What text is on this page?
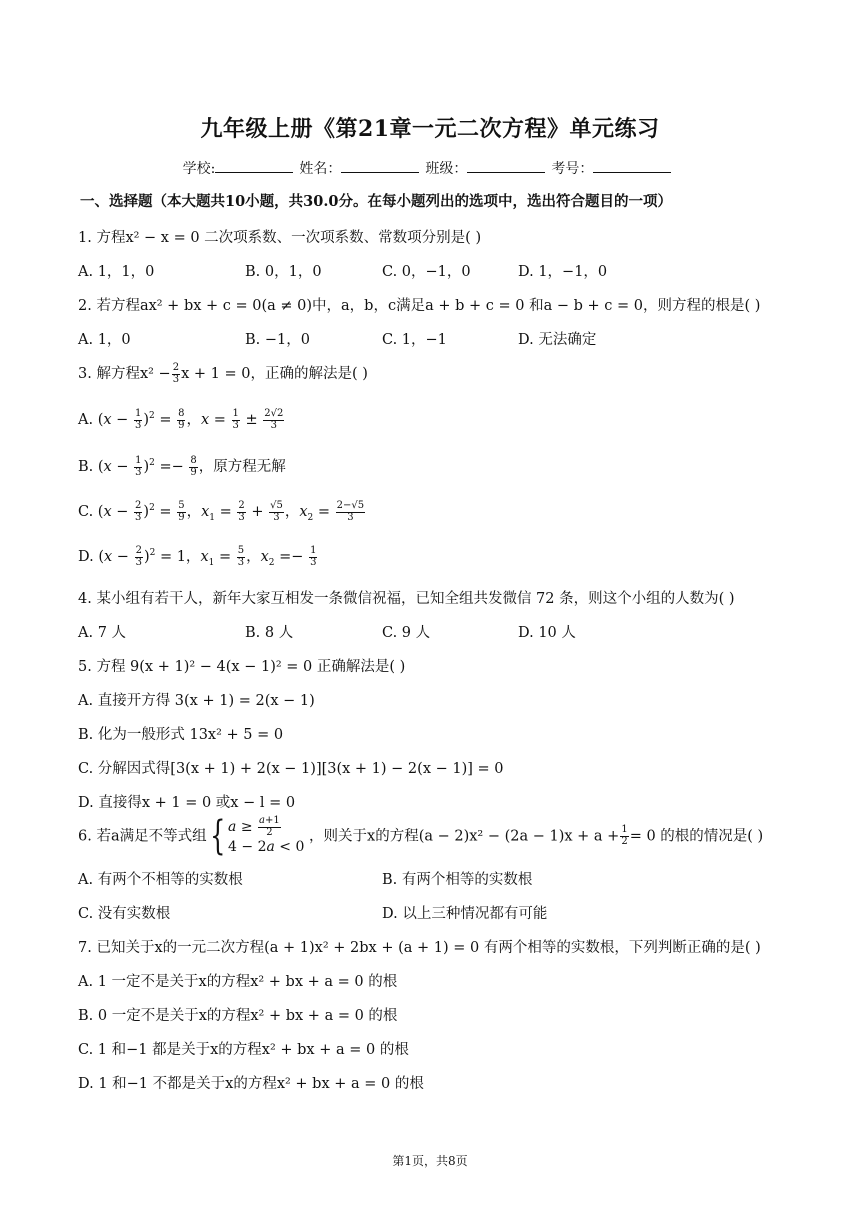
九年级上册《第21章一元二次方程》单元练习
学校:	姓名：	班级：	考号：
一、选择题（本大题共10小题，共30.0分。在每小题列出的选项中，选出符合题目的一项）
1. 方程x² − x = 0 二次项系数、一次项系数、常数项分别是( )
A. 1，1，0	B. 0，1，0	C. 0，−1，0	D. 1，−1，0
2. 若方程ax² + bx + c = 0(a ≠ 0)中，a，b，c满足a + b + c = 0 和a − b + c = 0，则方程的根是( )
A. 1，0	B. −1，0	C. 1，−1	D. 无法确定
3. 解方程$x^2 - \frac{2}{3}$ x + 1 = 0，正确的解法是( )
A. $(x - \frac{1}{3} )^2 = \frac{8}{9}$ ，$x = \frac{1}{3} \pm \frac{2√2}{3}$
B. $(x - \frac{1}{3} )^2 =- \frac{8}{9}$ ，原方程无解
C. $(x - \frac{2}{3} )^2 = \frac{5}{9}$ ，$x_1 = \frac{2}{3} + \frac{√5}{3}$ ，$x_2 = \frac{2-√5}{3}$
D. $(x - \frac{2}{3} )^2 = 1$，$x_1 = \frac{5}{3}$ ，$x_2 =- \frac{1}{3}$
4. 某小组有若干人，新年大家互相发一条微信祝福，已知全组共发微信 72 条，则这个小组的人数为( )
A. 7 人	B. 8 人	C. 9 人	D. 10 人
5. 方程 9(x + 1)² − 4(x − 1)² = 0 正确解法是( )
A. 直接开方得 3(x + 1) = 2(x − 1)
B. 化为一般形式 13x² + 5 = 0
C. 分解因式得[3(x + 1) + 2(x − 1)][3(x + 1) − 2(x − 1)] = 0
D. 直接得x + 1 = 0 或x − l = 0
6. 若a满足不等式组{ $a \ge \frac{a+1}{2}$
4 − 2a < 0
，则关于x的方程$(a - 2)x^2 - (2a - 1)x + a + \frac{1}{2} = 0$ 的根的情况是( )
A. 有两个不相等的实数根	B. 有两个相等的实数根
C. 没有实数根	D. 以上三种情况都有可能
7. 已知关于x的一元二次方程(a + 1)x² + 2bx + (a + 1) = 0 有两个相等的实数根，下列判断正确的是( )
A. 1 一定不是关于x的方程x² + bx + a = 0 的根
B. 0 一定不是关于x的方程x² + bx + a = 0 的根
C. 1 和−1 都是关于x的方程x² + bx + a = 0 的根
D. 1 和−1 不都是关于x的方程x² + bx + a = 0 的根
第1页，共8页
